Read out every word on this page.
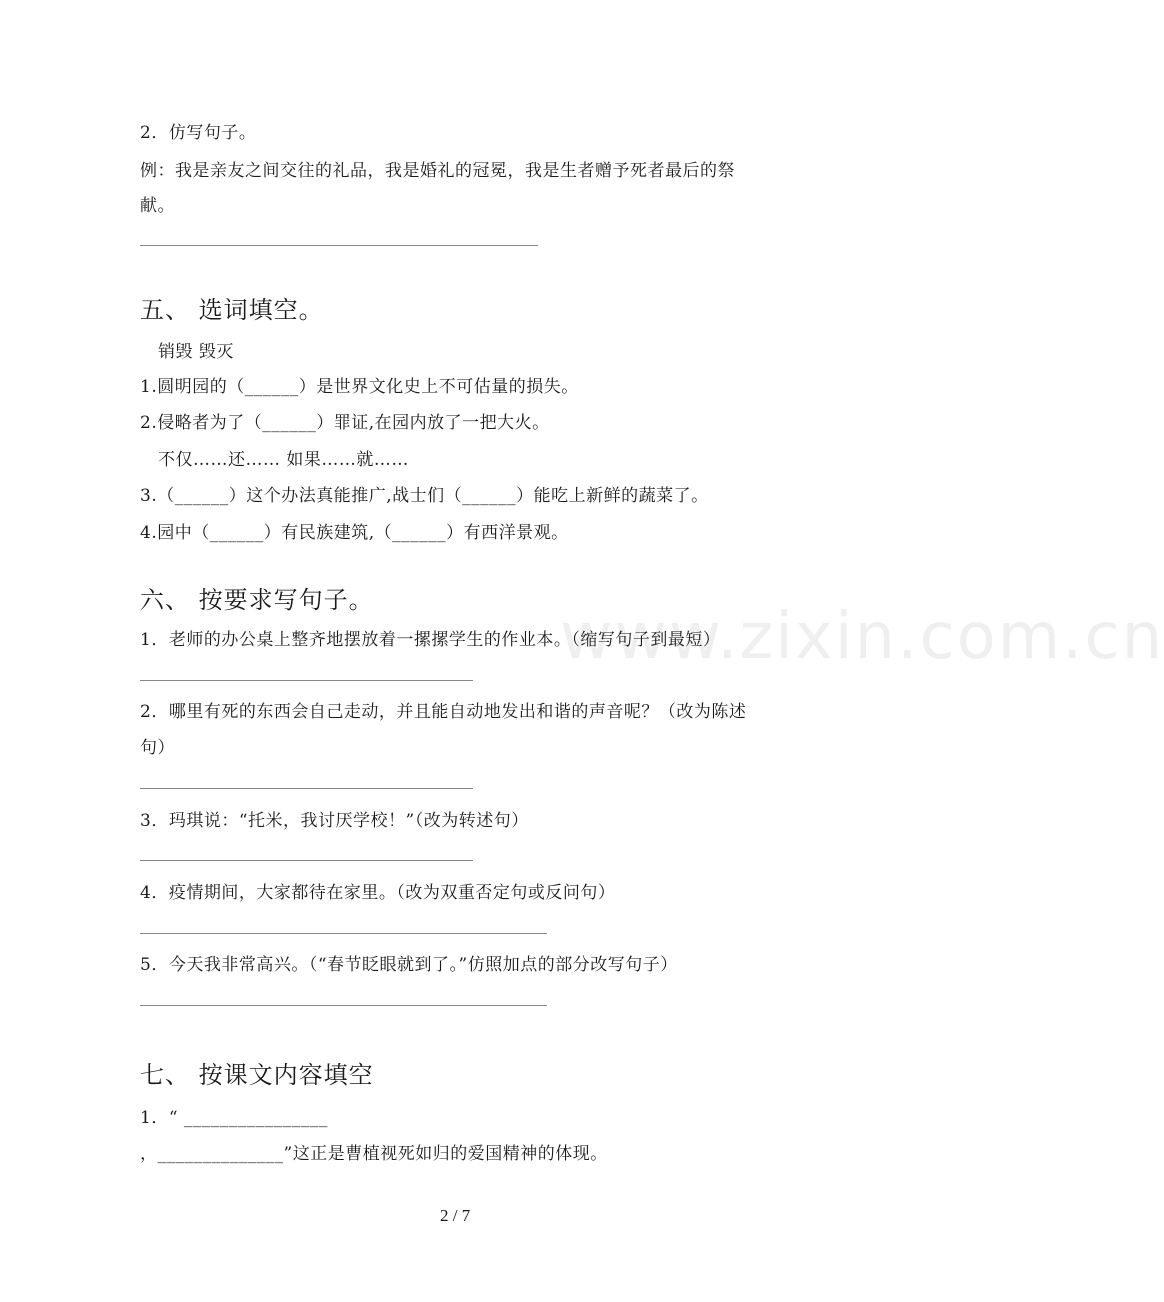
www.zixin.com.cn
2．仿写句子。
例：我是亲友之间交往的礼品，我是婚礼的冠冕，我是生者赠予死者最后的祭
献。
五、 选词填空。
销毁 毁灭
1.圆明园的（______）是世界文化史上不可估量的损失。
2.侵略者为了（______）罪证,在园内放了一把大火。
不仅……还…… 如果……就……
3.（______）这个办法真能推广,战士们（______）能吃上新鲜的蔬菜了。
4.园中（______）有民族建筑,（______）有西洋景观。
六、 按要求写句子。
1．老师的办公桌上整齐地摆放着一摞摞学生的作业本。（缩写句子到最短）
2．哪里有死的东西会自己走动，并且能自动地发出和谐的声音呢？（改为陈述
句）
3．玛琪说：“托米，我讨厌学校！”（改为转述句）
4．疫情期间，大家都待在家里。（改为双重否定句或反问句）
5．今天我非常高兴。（“春节眨眼就到了。”仿照加点的部分改写句子）
七、 按课文内容填空
1．“ ________________
，______________”这正是曹植视死如归的爱国精神的体现。
2 / 7
